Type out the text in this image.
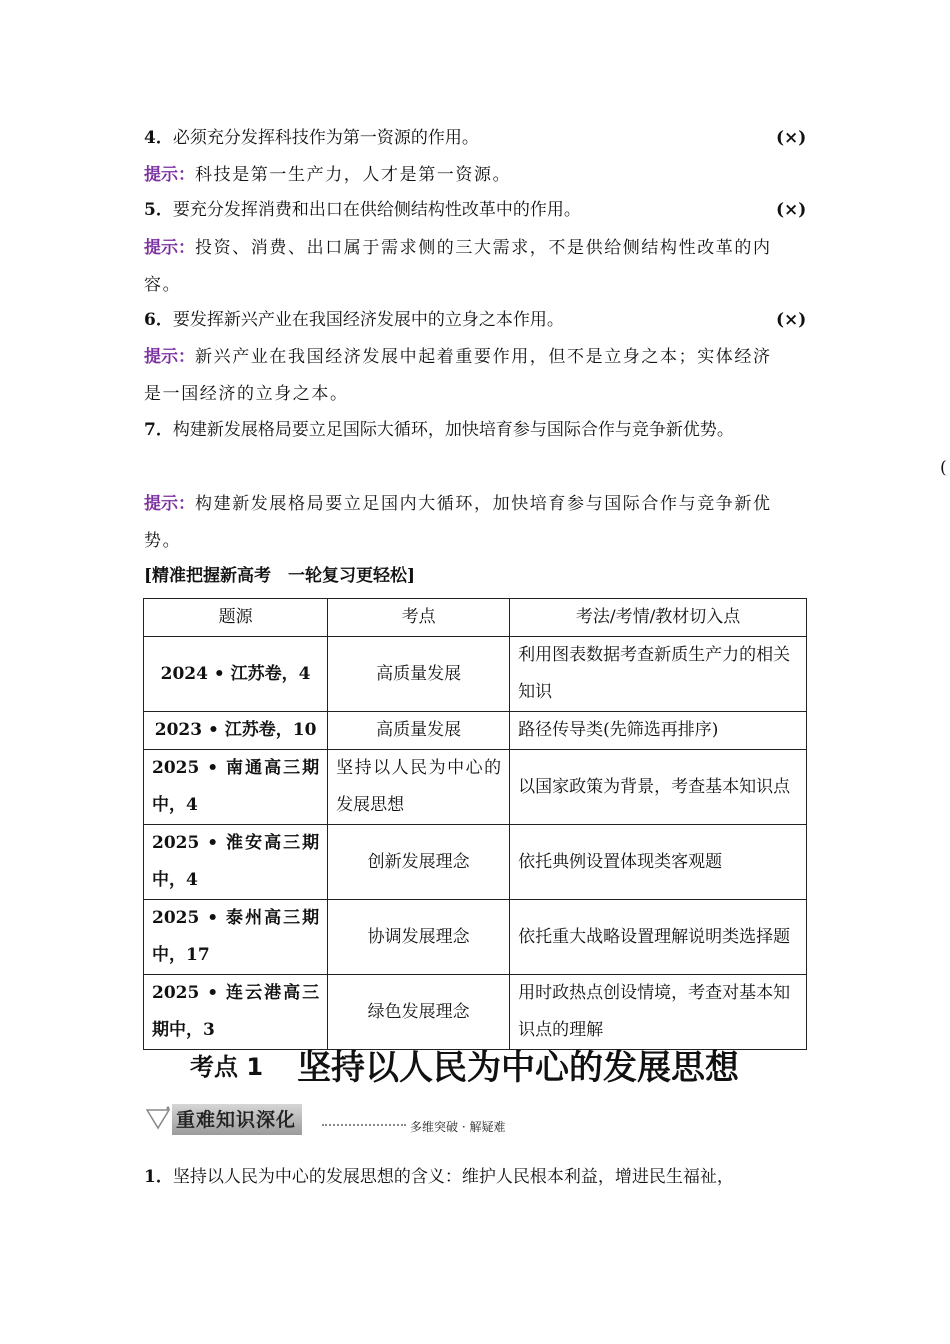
4．必须充分发挥科技作为第一资源的作用。	(×)
提示：科技是第一生产力，人才是第一资源。
5．要充分发挥消费和出口在供给侧结构性改革中的作用。	(×)
提示：投资、消费、出口属于需求侧的三大需求，不是供给侧结构性改革的内
容。
6．要发挥新兴产业在我国经济发展中的立身之本作用。	(×)
提示：新兴产业在我国经济发展中起着重要作用，但不是立身之本；实体经济
是一国经济的立身之本。
7．构建新发展格局要立足国际大循环，加快培育参与国际合作与竞争新优势。
(
提示：构建新发展格局要立足国内大循环，加快培育参与国际合作与竞争新优
势。
[精准把握新高考　一轮复习更轻松]
题源	考点	考法/考情/教材切入点
2024 • 江苏卷，4	高质量发展	利用图表数据考查新质生产力的相关知识
2023 • 江苏卷，10	高质量发展	路径传导类(先筛选再排序)
2025 • 南通高三期中，4	坚持以人民为中心的发展思想	以国家政策为背景，考查基本知识点
2025 • 淮安高三期中，4	创新发展理念	依托典例设置体现类客观题
2025 • 泰州高三期中，17	协调发展理念	依托重大战略设置理解说明类选择题
2025 • 连云港高三期中，3	绿色发展理念	用时政热点创设情境，考查对基本知识点的理解
考点 1 坚持以人民为中心的发展思想
重难知识深化	多维突破 · 解疑难
1．坚持以人民为中心的发展思想的含义：维护人民根本利益，增进民生福祉，
